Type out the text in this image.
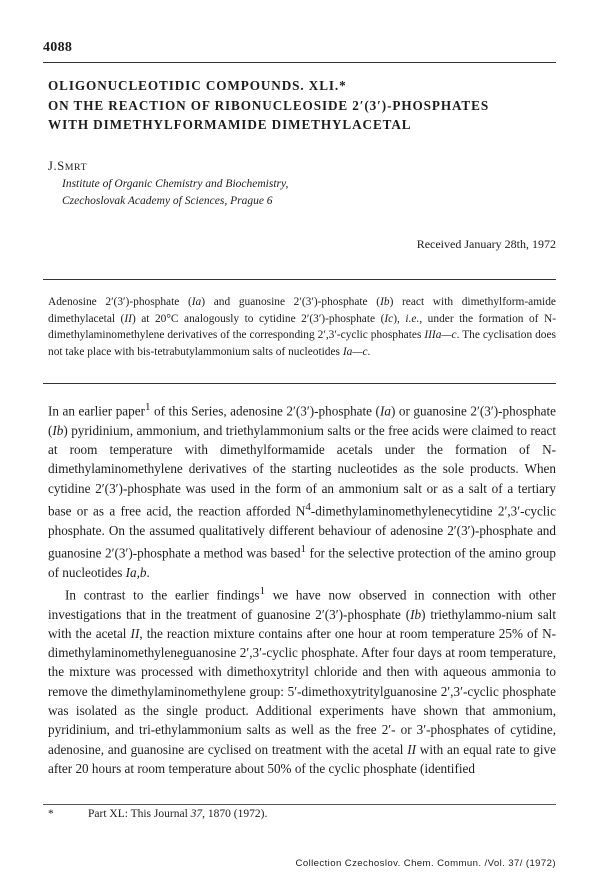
4088
OLIGONUCLEOTIDIC COMPOUNDS. XLI.*
ON THE REACTION OF RIBONUCLEOSIDE 2′(3′)-PHOSPHATES
WITH DIMETHYLFORMAMIDE DIMETHYLACETAL
J.SMRT
Institute of Organic Chemistry and Biochemistry,
Czechoslovak Academy of Sciences, Prague 6
Received January 28th, 1972
Adenosine 2′(3′)-phosphate (Ia) and guanosine 2′(3′)-phosphate (Ib) react with dimethylform-amide dimethylacetal (II) at 20°C analogously to cytidine 2′(3′)-phosphate (Ic), i.e., under the formation of N-dimethylaminomethylene derivatives of the corresponding 2′,3′-cyclic phosphates IIIa—c. The cyclisation does not take place with bis-tetrabutylammonium salts of nucleotides Ia—c.

In an earlier paper$^1$ of this Series, adenosine 2′(3′)-phosphate (Ia) or guanosine 2′(3′)-phosphate (Ib) pyridinium, ammonium, and triethylammonium salts or the free acids were claimed to react at room temperature with dimethylformamide acetals under the formation of N-dimethylaminomethylene derivatives of the starting nucleotides as the sole products. When cytidine 2′(3′)-phosphate was used in the form of an ammonium salt or as a salt of a tertiary base or as a free acid, the reaction afforded $N^4$-dimethylaminomethylenecytidine 2′,3′-cyclic phosphate. On the assumed qualitatively different behaviour of adenosine 2′(3′)-phosphate and guanosine 2′(3′)-phosphate a method was based$^1$ for the selective protection of the amino group of nucleotides Ia,b.

In contrast to the earlier findings$^1$ we have now observed in connection with other investigations that in the treatment of guanosine 2′(3′)-phosphate (Ib) triethylammo-nium salt with the acetal II, the reaction mixture contains after one hour at room temperature 25% of N-dimethylaminomethyleneguanosine 2′,3′-cyclic phosphate. After four days at room temperature, the mixture was processed with dimethoxytrityl chloride and then with aqueous ammonia to remove the dimethylaminomethylene group: 5′-dimethoxytritylguanosine 2′,3′-cyclic phosphate was isolated as the single product. Additional experiments have shown that ammonium, pyridinium, and tri-ethylammonium salts as well as the free 2′- or 3′-phosphates of cytidine, adenosine, and guanosine are cyclised on treatment with the acetal II with an equal rate to give after 20 hours at room temperature about 50% of the cyclic phosphate (identified

*	Part XL: This Journal 37, 1870 (1972).
Collection Czechoslov. Chem. Commun. /Vol. 37/ (1972)
